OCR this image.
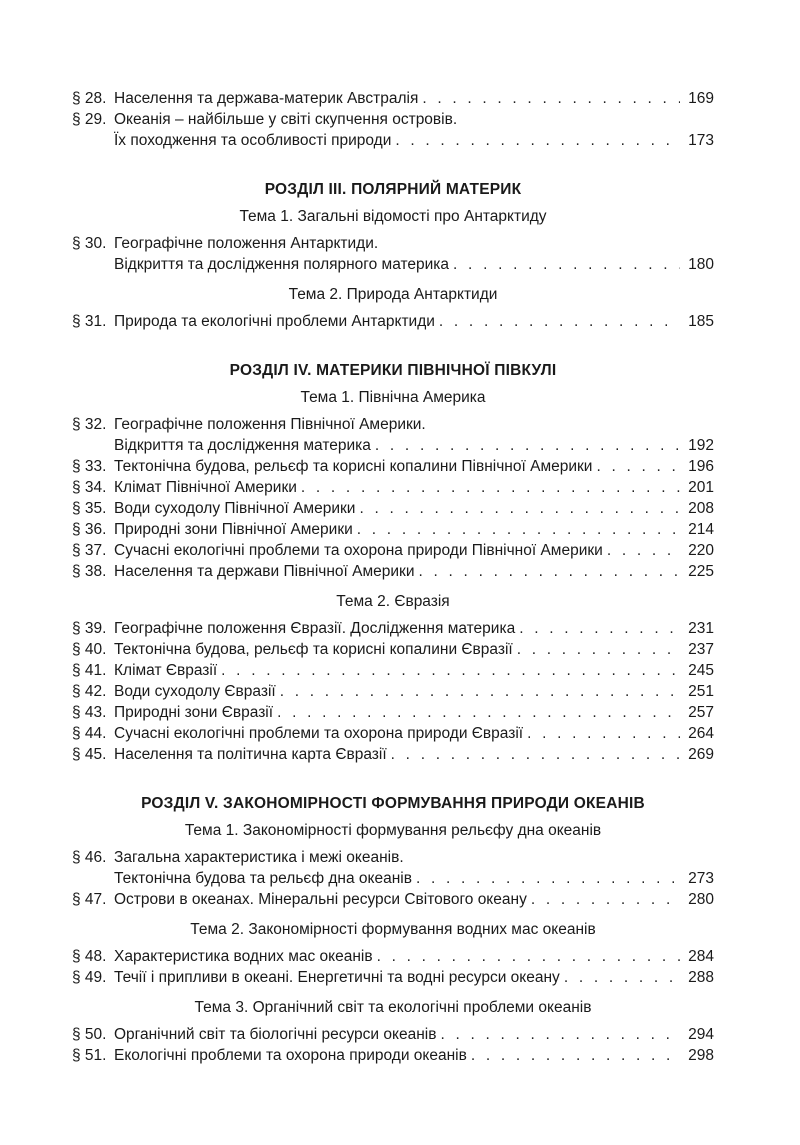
§ 28. Населення та держава-материк Австралія . . .	169
§ 29. Океанія – найбільше у світі скупчення островів.
Їх походження та особливості природи . . .	173
РОЗДІЛ III. ПОЛЯРНИЙ МАТЕРИК
Тема 1. Загальні відомості про Антарктиду
§ 30. Географічне положення Антарктиди.
Відкриття та дослідження полярного материка . . .	180
Тема 2. Природа Антарктиди
§ 31. Природа та екологічні проблеми Антарктиди . . .	185
РОЗДІЛ IV. МАТЕРИКИ ПІВНІЧНОЇ ПІВКУЛІ
Тема 1. Північна Америка
§ 32. Географічне положення Північної Америки.
Відкриття та дослідження материка . . .	192
§ 33. Тектонічна будова, рельєф та корисні копалини Північної Америки . . .	196
§ 34. Клімат Північної Америки . . .	201
§ 35. Води суходолу Північної Америки . . .	208
§ 36. Природні зони Північної Америки . . .	214
§ 37. Сучасні екологічні проблеми та охорона природи Північної Америки . . .	220
§ 38. Населення та держави Північної Америки . . .	225
Тема 2. Євразія
§ 39. Географічне положення Євразії. Дослідження материка . . .	231
§ 40. Тектонічна будова, рельєф та корисні копалини Євразії . . .	237
§ 41. Клімат Євразії . . .	245
§ 42. Води суходолу Євразії . . .	251
§ 43. Природні зони Євразії . . .	257
§ 44. Сучасні екологічні проблеми та охорона природи Євразії . . .	264
§ 45. Населення та політична карта Євразії . . .	269
РОЗДІЛ V. ЗАКОНОМІРНОСТІ ФОРМУВАННЯ ПРИРОДИ ОКЕАНІВ
Тема 1. Закономірності формування рельєфу дна океанів
§ 46. Загальна характеристика і межі океанів.
Тектонічна будова та рельєф дна океанів . . .	273
§ 47. Острови в океанах. Мінеральні ресурси Світового океану . . .	280
Тема 2. Закономірності формування водних мас океанів
§ 48. Характеристика водних мас океанів . . .	284
§ 49. Течії і припливи в океані. Енергетичні та водні ресурси океану . . .	288
Тема 3. Органічний світ та екологічні проблеми океанів
§ 50. Органічний світ та біологічні ресурси океанів . . .	294
§ 51. Екологічні проблеми та охорона природи океанів . . .	298
